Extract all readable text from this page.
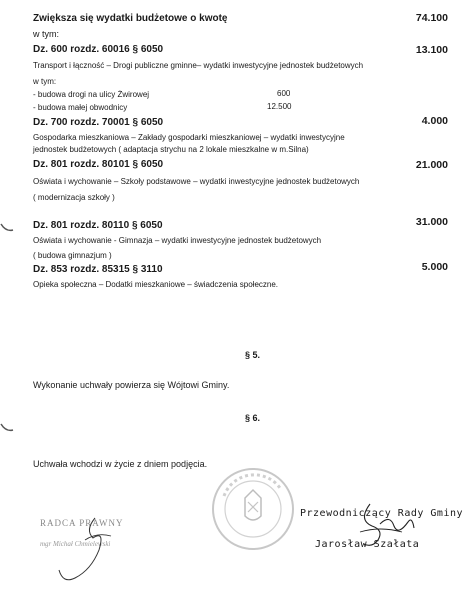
Zwiększa się wydatki budżetowe o kwotę	74.100
w tym:
Dz. 600 rozdz. 60016 § 6050	13.100
Transport i łączność – Drogi publiczne gminne– wydatki inwestycyjne jednostek budżetowych
w tym:
- budowa drogi na ulicy Żwirowej	600
- budowa małej obwodnicy	12.500
Dz. 700 rozdz. 70001 § 6050	4.000
Gospodarka mieszkaniowa – Zakłady gospodarki mieszkaniowej – wydatki inwestycyjne
jednostek budżetowych ( adaptacja strychu na 2 lokale mieszkalne w m.Silna)
Dz. 801 rozdz. 80101 § 6050	21.000
Oświata i wychowanie – Szkoły podstawowe – wydatki inwestycyjne jednostek budżetowych
( modernizacja szkoły )
Dz. 801 rozdz. 80110 § 6050	31.000
Oświata i wychowanie - Gimnazja – wydatki inwestycyjne jednostek budżetowych
( budowa gimnazjum )
Dz. 853 rozdz. 85315 § 3110	5.000
Opieka społeczna – Dodatki mieszkaniowe – świadczenia społeczne.
§ 5.
Wykonanie uchwały powierza się Wójtowi Gminy.
§ 6.
Uchwała wchodzi w życie z dniem podjęcia.
RADCA PRAWNY
mgr Michał Chmielewski
Przewodniczący Rady Gminy
Jarosław Szałata
